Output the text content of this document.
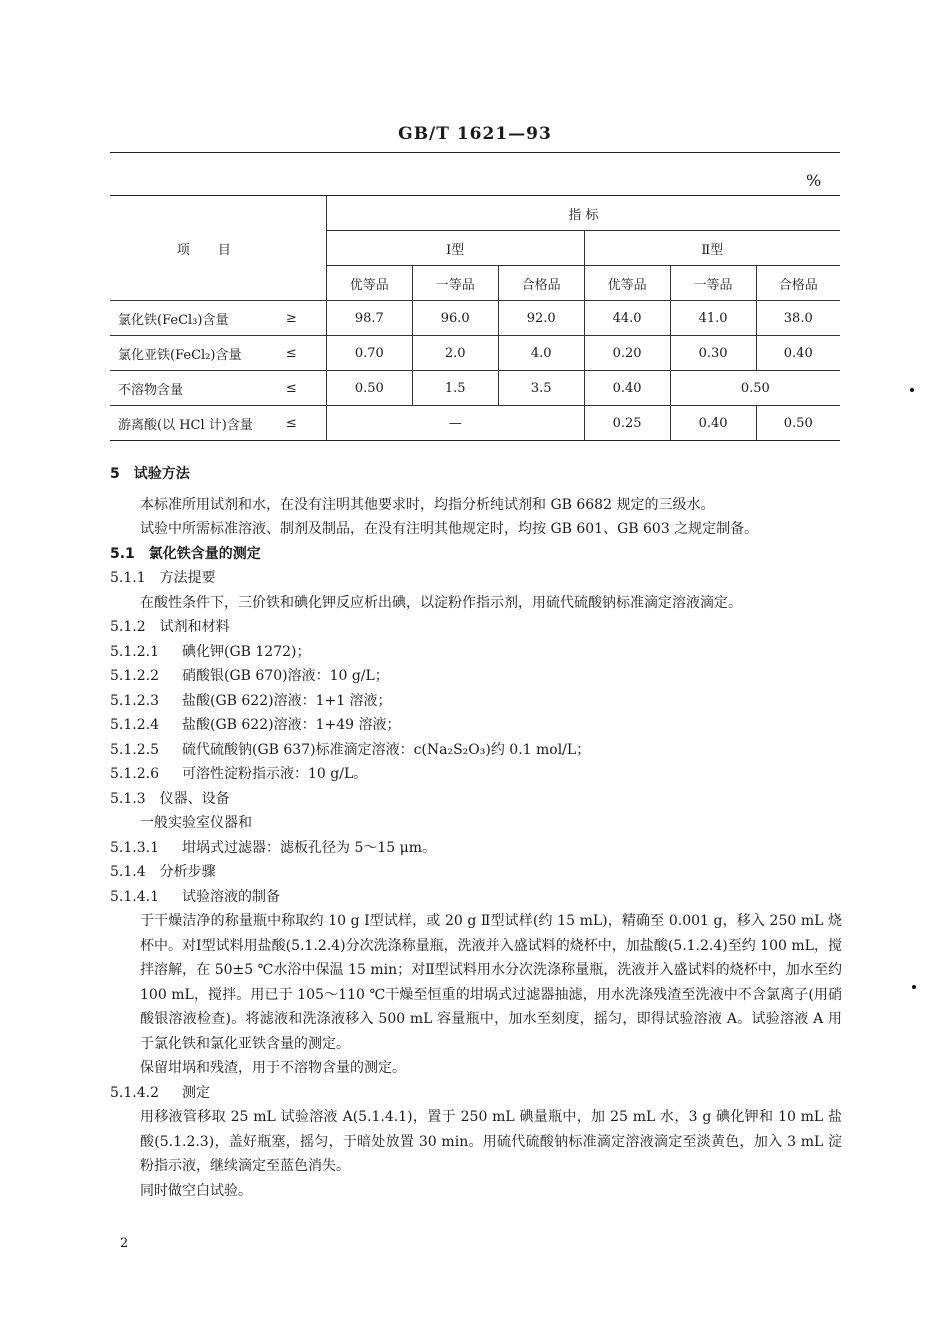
GB/T 1621—93
%
项目		指 标					
		Ⅰ型			Ⅱ型		
		优等品	一等品	合格品	优等品	一等品	合格品
氯化铁(FeCl₃)含量	≥	98.7	96.0	92.0	44.0	41.0	38.0
氯化亚铁(FeCl₂)含量	≤	0.70	2.0	4.0	0.20	0.30	0.40
不溶物含量	≤	0.50	1.5	3.5	0.40	0.50	
游离酸(以 HCl 计)含量	≤	—			0.25	0.40	0.50

5　试验方法

本标准所用试剂和水，在没有注明其他要求时，均指分析纯试剂和 GB 6682 规定的三级水。

试验中所需标准溶液、制剂及制品，在没有注明其他规定时，均按 GB 601、GB 603 之规定制备。

5.1　氯化铁含量的测定

5.1.1　方法提要

在酸性条件下，三价铁和碘化钾反应析出碘，以淀粉作指示剂，用硫代硫酸钠标准滴定溶液滴定。

5.1.2　试剂和材料

5.1.2.1 碘化钾(GB 1272)；

5.1.2.2 硝酸银(GB 670)溶液：10 g/L；

5.1.2.3 盐酸(GB 622)溶液：1+1 溶液；

5.1.2.4 盐酸(GB 622)溶液：1+49 溶液；

5.1.2.5 硫代硫酸钠(GB 637)标准滴定溶液：c(Na₂S₂O₃)约 0.1 mol/L；

5.1.2.6 可溶性淀粉指示液：10 g/L。

5.1.3　仪器、设备

一般实验室仪器和

5.1.3.1 坩埚式过滤器：滤板孔径为 5～15 μm。

5.1.4　分析步骤

5.1.4.1 试验溶液的制备

于干燥洁净的称量瓶中称取约 10 g Ⅰ型试样，或 20 g Ⅱ型试样(约 15 mL)，精确至 0.001 g，移入 250 mL 烧杯中。对Ⅰ型试料用盐酸(5.1.2.4)分次洗涤称量瓶，洗液并入盛试料的烧杯中，加盐酸(5.1.2.4)至约 100 mL，搅拌溶解，在 50±5 ℃水浴中保温 15 min；对Ⅱ型试料用水分次洗涤称量瓶，洗液并入盛试料的烧杯中，加水至约 100 mL，搅拌。用已于 105～110 ℃干燥至恒重的坩埚式过滤器抽滤，用水洗涤残渣至洗液中不含氯离子(用硝酸银溶液检查)。将滤液和洗涤液移入 500 mL 容量瓶中，加水至刻度，摇匀，即得试验溶液 A。试验溶液 A 用于氯化铁和氯化亚铁含量的测定。

保留坩埚和残渣，用于不溶物含量的测定。

5.1.4.2 测定

用移液管移取 25 mL 试验溶液 A(5.1.4.1)，置于 250 mL 碘量瓶中，加 25 mL 水，3 g 碘化钾和 10 mL 盐酸(5.1.2.3)，盖好瓶塞，摇匀，于暗处放置 30 min。用硫代硫酸钠标准滴定溶液滴定至淡黄色，加入 3 mL 淀粉指示液，继续滴定至蓝色消失。

同时做空白试验。

2
